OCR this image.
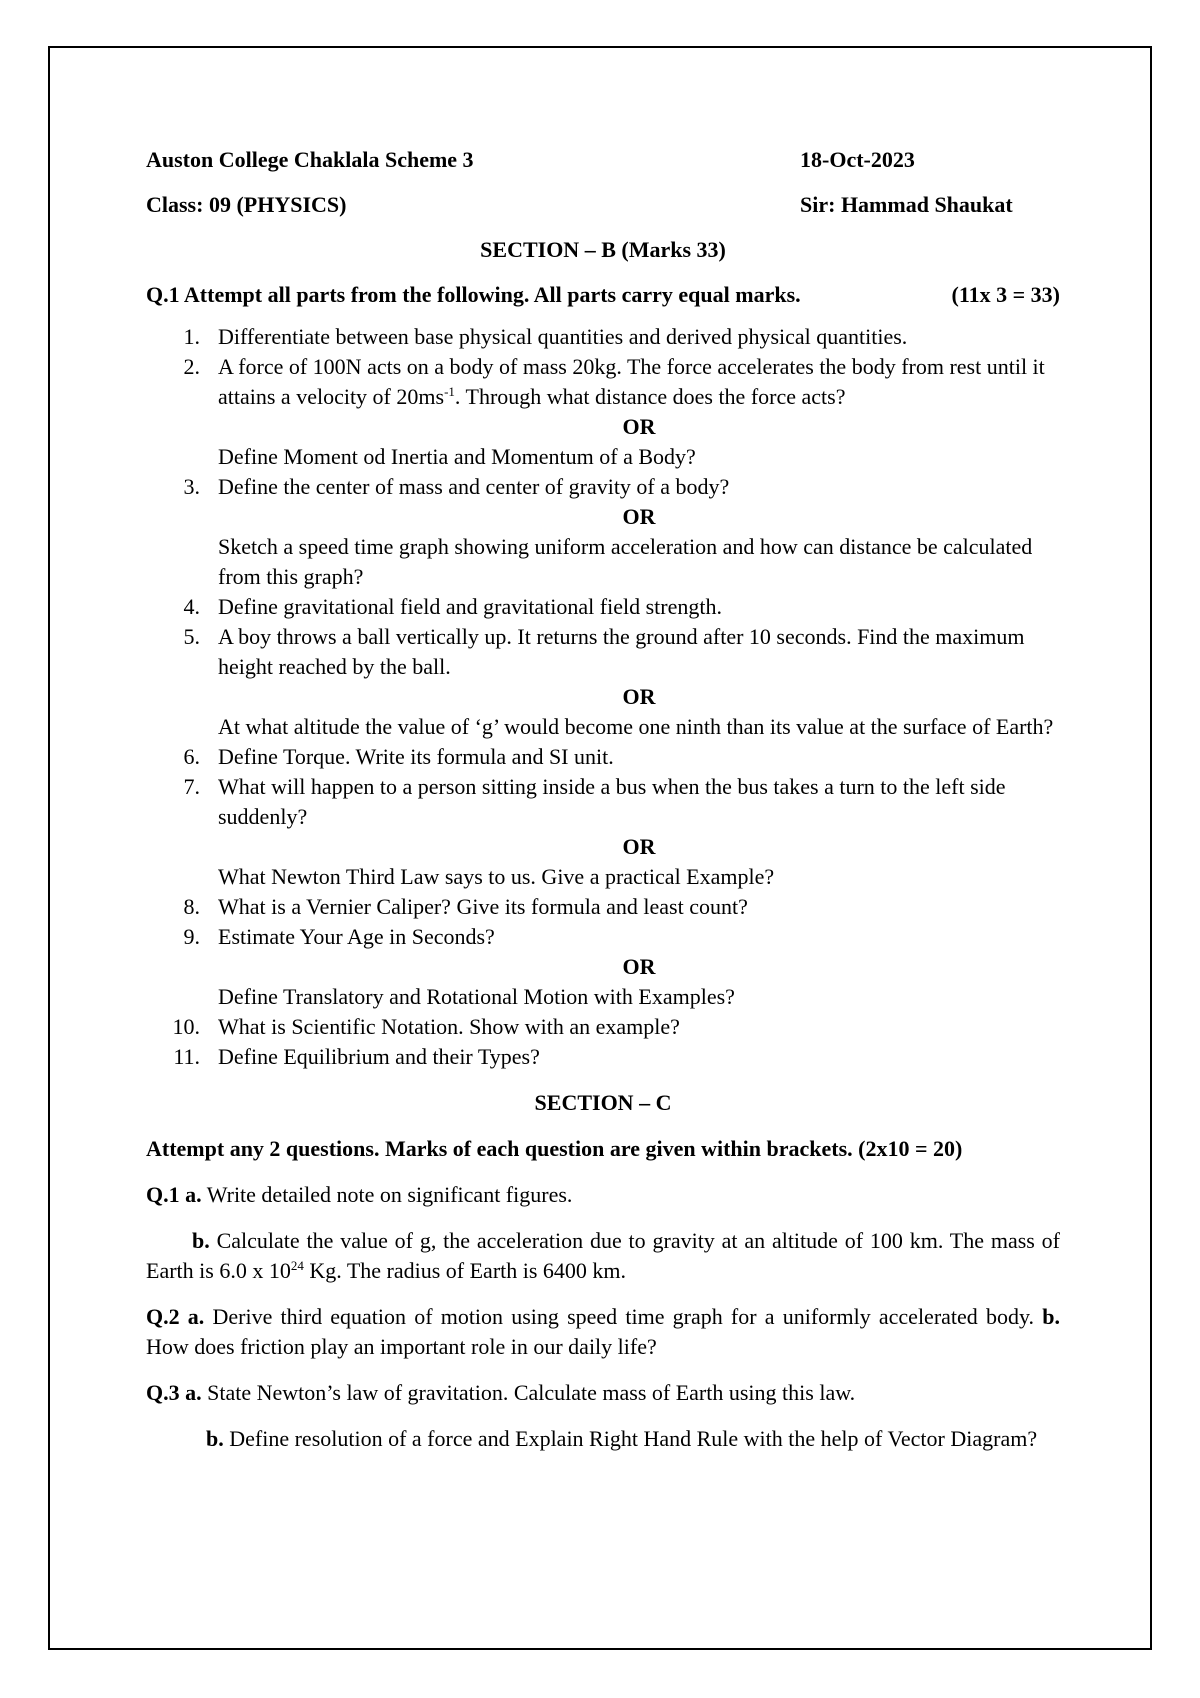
Auston College Chaklala Scheme 3	18-Oct-2023
Class: 09 (PHYSICS)	Sir: Hammad Shaukat
SECTION – B (Marks 33)
Q.1 Attempt all parts from the following. All parts carry equal marks.	(11x 3 = 33)
1. Differentiate between base physical quantities and derived physical quantities.
2. A force of 100N acts on a body of mass 20kg. The force accelerates the body from rest until it attains a velocity of $20ms^{-1}$. Through what distance does the force acts?
OR
Define Moment od Inertia and Momentum of a Body?
3. Define the center of mass and center of gravity of a body?
OR
Sketch a speed time graph showing uniform acceleration and how can distance be calculated from this graph?
4. Define gravitational field and gravitational field strength.
5. A boy throws a ball vertically up. It returns the ground after 10 seconds. Find the maximum height reached by the ball.
OR
At what altitude the value of ‘g’ would become one ninth than its value at the surface of Earth?
6. Define Torque. Write its formula and SI unit.
7. What will happen to a person sitting inside a bus when the bus takes a turn to the left side suddenly?
OR
What Newton Third Law says to us. Give a practical Example?
8. What is a Vernier Caliper? Give its formula and least count?
9. Estimate Your Age in Seconds?
OR
Define Translatory and Rotational Motion with Examples?
10. What is Scientific Notation. Show with an example?
11. Define Equilibrium and their Types?
SECTION – C
Attempt any 2 questions. Marks of each question are given within brackets. (2x10 = 20)
Q.1 a. Write detailed note on significant figures.
b. Calculate the value of g, the acceleration due to gravity at an altitude of 100 km. The mass of Earth is 6.0 x $10^{24}$ Kg. The radius of Earth is 6400 km.
Q.2 a. Derive third equation of motion using speed time graph for a uniformly accelerated body. b. How does friction play an important role in our daily life?
Q.3 a. State Newton’s law of gravitation. Calculate mass of Earth using this law.
b. Define resolution of a force and Explain Right Hand Rule with the help of Vector Diagram?
